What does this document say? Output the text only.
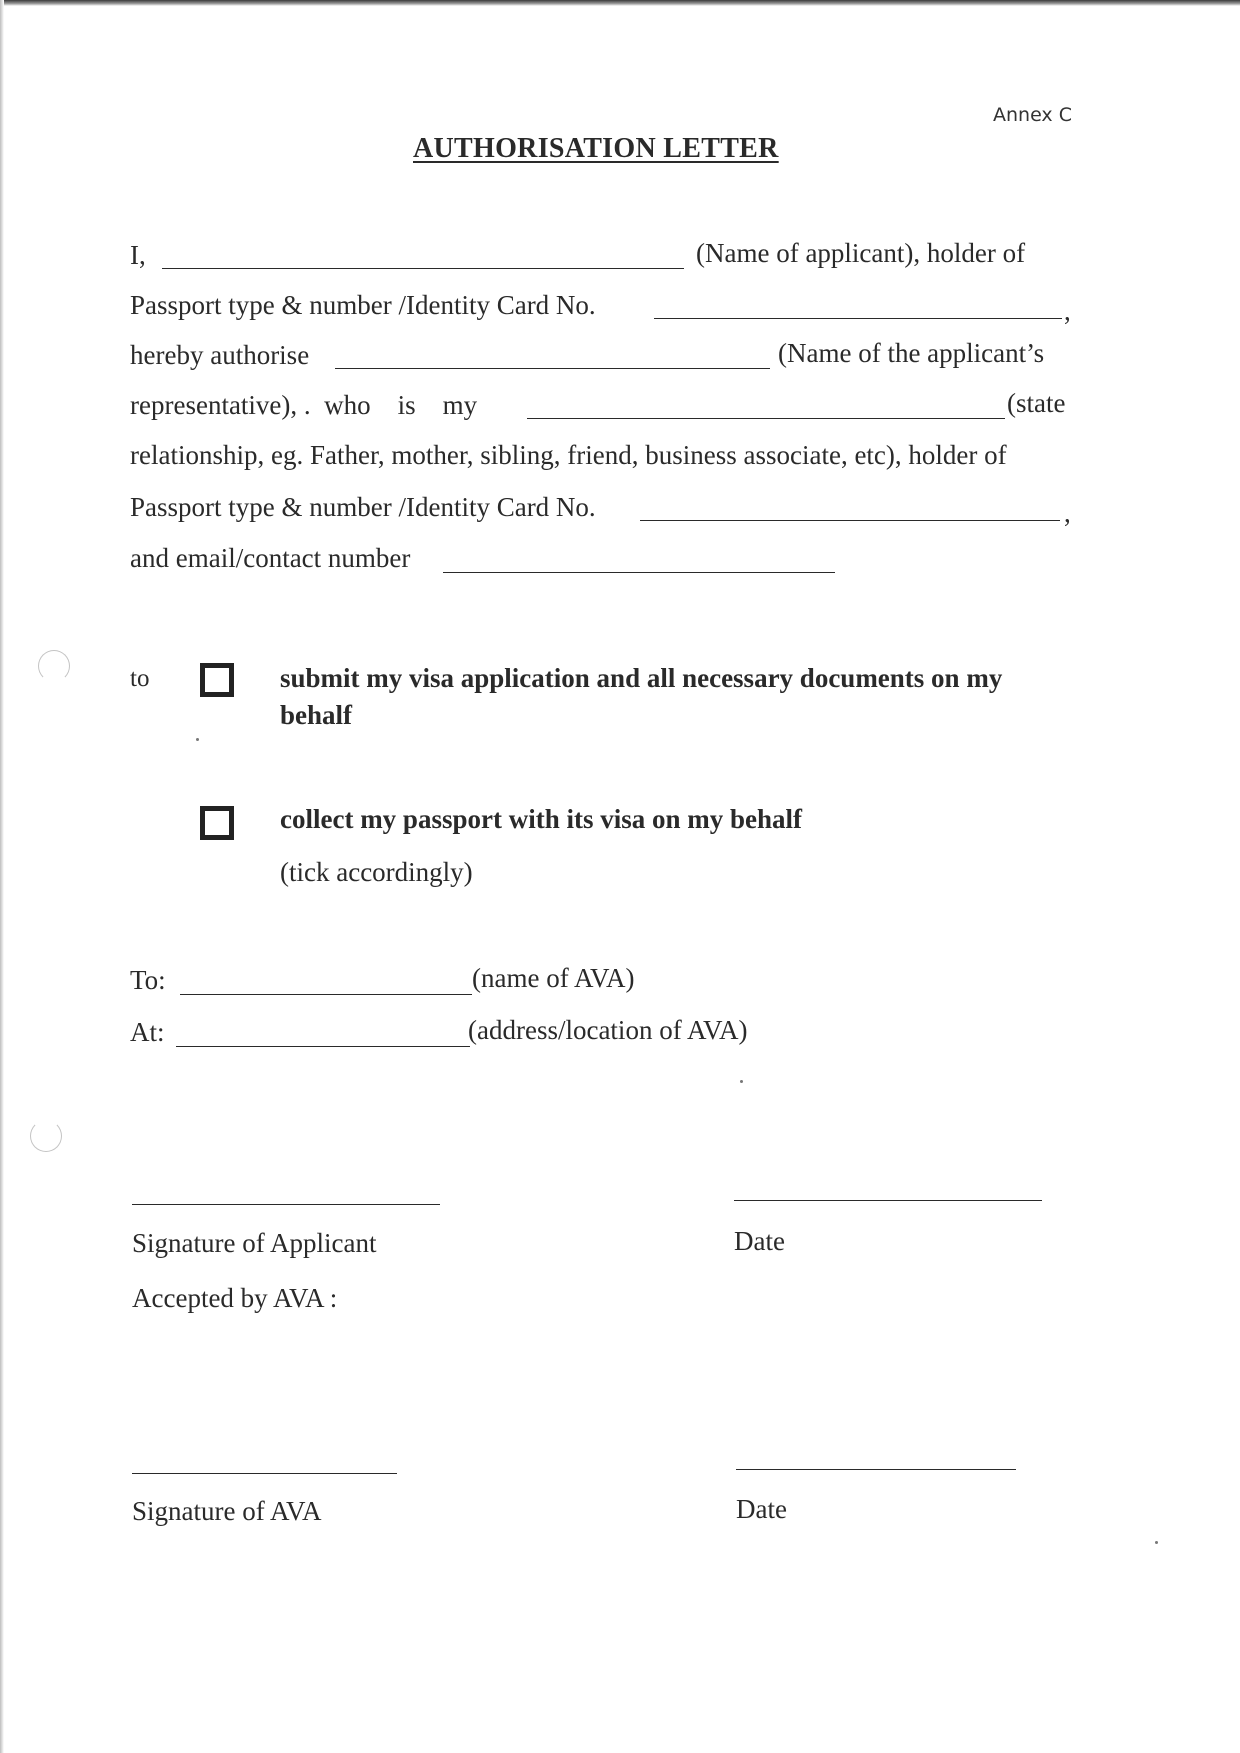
Annex C
AUTHORISATION LETTER
I,	(Name of applicant), holder of
Passport type & number /Identity Card No.	,
hereby authorise	(Name of the applicant’s
representative), .  who    is    my	(state
relationship, eg. Father, mother, sibling, friend, business associate, etc), holder of
Passport type & number /Identity Card No.	,
and email/contact number
to	submit my visa application and all necessary documents on my
behalf
collect my passport with its visa on my behalf
(tick accordingly)
To:	(name of AVA)
At:	(address/location of AVA)
Signature of Applicant	Date
Accepted by AVA :
Signature of AVA	Date
